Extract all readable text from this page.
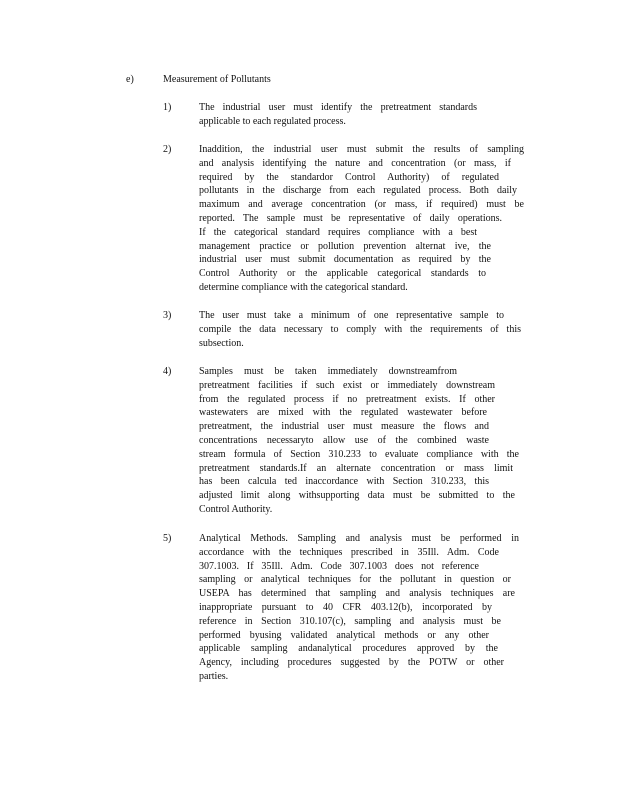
e)	Measurement of Pollutants
1)	The industrial user must identify the pretreatment standards
applicable to each regulated process.
2)	Inaddition, the industrial user must submit the results of sampling
and analysis identifying the nature and concentration (or mass, if
required by the standardor Control Authority) of regulated
pollutants in the discharge from each regulated process. Both daily
maximum and average concentration (or mass, if required) must be
reported. The sample must be representative of daily operations.
If the categorical standard requires compliance with a best
management practice or pollution prevention alternat ive, the
industrial user must submit documentation as required by the
Control Authority or the applicable categorical standards to
determine compliance with the categorical standard.
3)	The user must take a minimum of one representative sample to
compile the data necessary to comply with the requirements of this
subsection.
4)	Samples must be taken immediately downstreamfrom
pretreatment facilities if such exist or immediately downstream
from the regulated process if no pretreatment exists. If other
wastewaters are mixed with the regulated wastewater before
pretreatment, the industrial user must measure the flows and
concentrations necessaryto allow use of the combined waste
stream formula of Section 310.233 to evaluate compliance with the
pretreatment standards.If an alternate concentration or mass limit
has been calcula ted inaccordance with Section 310.233, this
adjusted limit along withsupporting data must be submitted to the
Control Authority.
5)	Analytical Methods. Sampling and analysis must be performed in
accordance with the techniques prescribed in 35Ill. Adm. Code
307.1003. If 35Ill. Adm. Code 307.1003 does not reference
sampling or analytical techniques for the pollutant in question or
USEPA has determined that sampling and analysis techniques are
inappropriate pursuant to 40 CFR 403.12(b), incorporated by
reference in Section 310.107(c), sampling and analysis must be
performed byusing validated analytical methods or any other
applicable sampling andanalytical procedures approved by the
Agency, including procedures suggested by the POTW or other
parties.
